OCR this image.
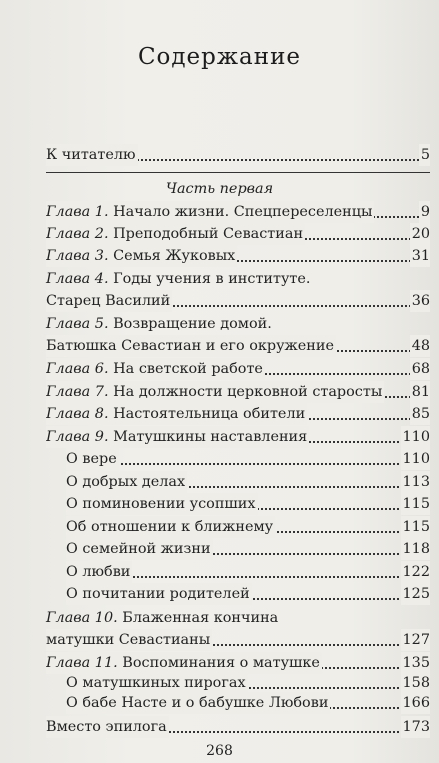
Содержание
К читателю	5
Часть первая
Глава 1. Начало жизни. Спецпереселенцы	9
Глава 2. Преподобный Севастиан	20
Глава 3. Семья Жуковых	31
Глава 4. Годы учения в институте.
Старец Василий	36
Глава 5. Возвращение домой.
Батюшка Севастиан и его окружение	48
Глава 6. На светской работе	68
Глава 7. На должности церковной старосты 81
Глава 8. Настоятельница обители	85
Глава 9. Матушкины наставления	110
О вере	110
О добрых делах	113
О поминовении усопших	115
Об отношении к ближнему	115
О семейной жизни	118
О любви	122
О почитании родителей	125
Глава 10. Блаженная кончина
матушки Севастианы	127
Глава 11. Воспоминания о матушке	135
О матушкиных пирогах	158
О бабе Насте и о бабушке Любови	166
Вместо эпилога	173
268
